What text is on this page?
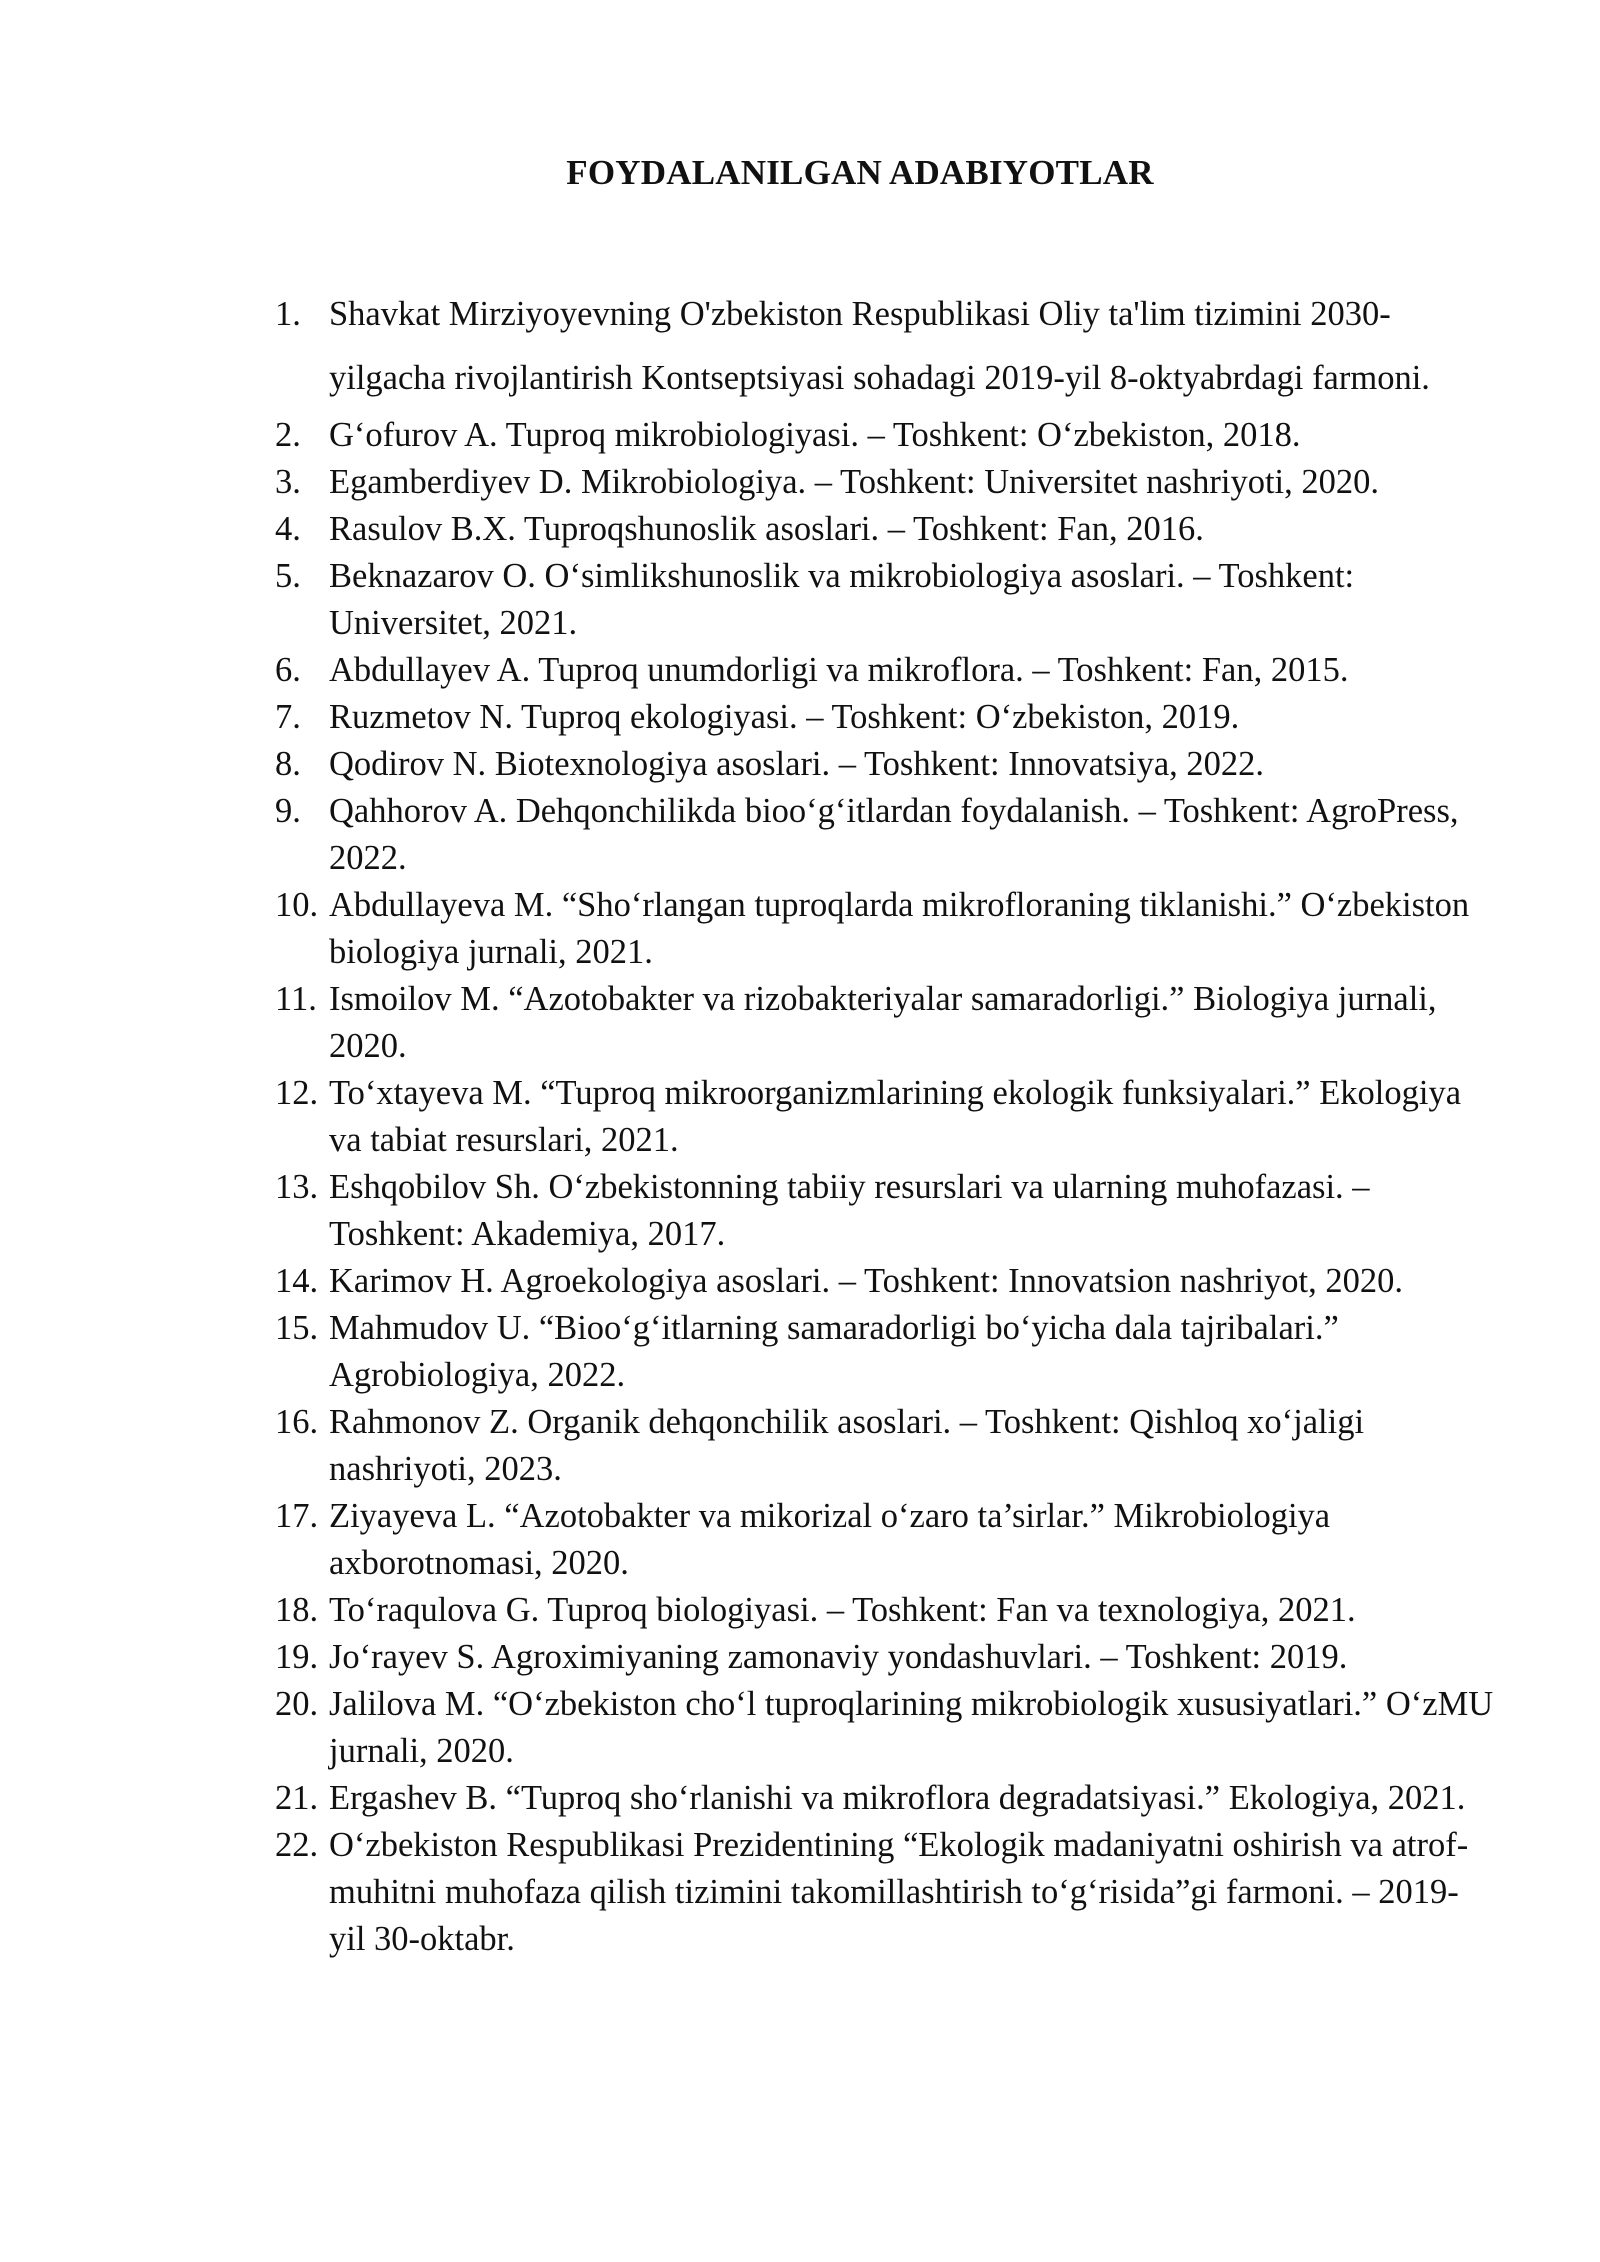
FOYDALANILGAN ADABIYOTLAR
1. Shavkat Mirziyoyevning O'zbekiston Respublikasi Oliy ta'lim tizimini 2030-yilgacha rivojlantirish Kontseptsiyasi sohadagi 2019-yil 8-oktyabrdagi farmoni.
2. G‘ofurov A. Tuproq mikrobiologiyasi. – Toshkent: O‘zbekiston, 2018.
3. Egamberdiyev D. Mikrobiologiya. – Toshkent: Universitet nashriyoti, 2020.
4. Rasulov B.X. Tuproqshunoslik asoslari. – Toshkent: Fan, 2016.
5. Beknazarov O. O‘simlikshunoslik va mikrobiologiya asoslari. – Toshkent: Universitet, 2021.
6. Abdullayev A. Tuproq unumdorligi va mikroflora. – Toshkent: Fan, 2015.
7. Ruzmetov N. Tuproq ekologiyasi. – Toshkent: O‘zbekiston, 2019.
8. Qodirov N. Biotexnologiya asoslari. – Toshkent: Innovatsiya, 2022.
9. Qahhorov A. Dehqonchilikda bioo‘g‘itlardan foydalanish. – Toshkent: AgroPress, 2022.
10. Abdullayeva M. “Sho‘rlangan tuproqlarda mikrofloraning tiklanishi.” O‘zbekiston biologiya jurnali, 2021.
11. Ismoilov M. “Azotobakter va rizobakteriyalar samaradorligi.” Biologiya jurnali, 2020.
12. To‘xtayeva M. “Tuproq mikroorganizmlarining ekologik funksiyalari.” Ekologiya va tabiat resurslari, 2021.
13. Eshqobilov Sh. O‘zbekistonning tabiiy resurslari va ularning muhofazasi. – Toshkent: Akademiya, 2017.
14. Karimov H. Agroekologiya asoslari. – Toshkent: Innovatsion nashriyot, 2020.
15. Mahmudov U. “Bioo‘g‘itlarning samaradorligi bo‘yicha dala tajribalari.” Agrobiologiya, 2022.
16. Rahmonov Z. Organik dehqonchilik asoslari. – Toshkent: Qishloq xo‘jaligi nashriyoti, 2023.
17. Ziyayeva L. “Azotobakter va mikorizal o‘zaro ta’sirlar.” Mikrobiologiya axborotnomasi, 2020.
18. To‘raqulova G. Tuproq biologiyasi. – Toshkent: Fan va texnologiya, 2021.
19. Jo‘rayev S. Agroximiyaning zamonaviy yondashuvlari. – Toshkent: 2019.
20. Jalilova M. “O‘zbekiston cho‘l tuproqlarining mikrobiologik xususiyatlari.” O‘zMU jurnali, 2020.
21. Ergashev B. “Tuproq sho‘rlanishi va mikroflora degradatsiyasi.” Ekologiya, 2021.
22. O‘zbekiston Respublikasi Prezidentining “Ekologik madaniyatni oshirish va atrof-muhitni muhofaza qilish tizimini takomillashtirish to‘g‘risida”gi farmoni. – 2019-yil 30-oktabr.
